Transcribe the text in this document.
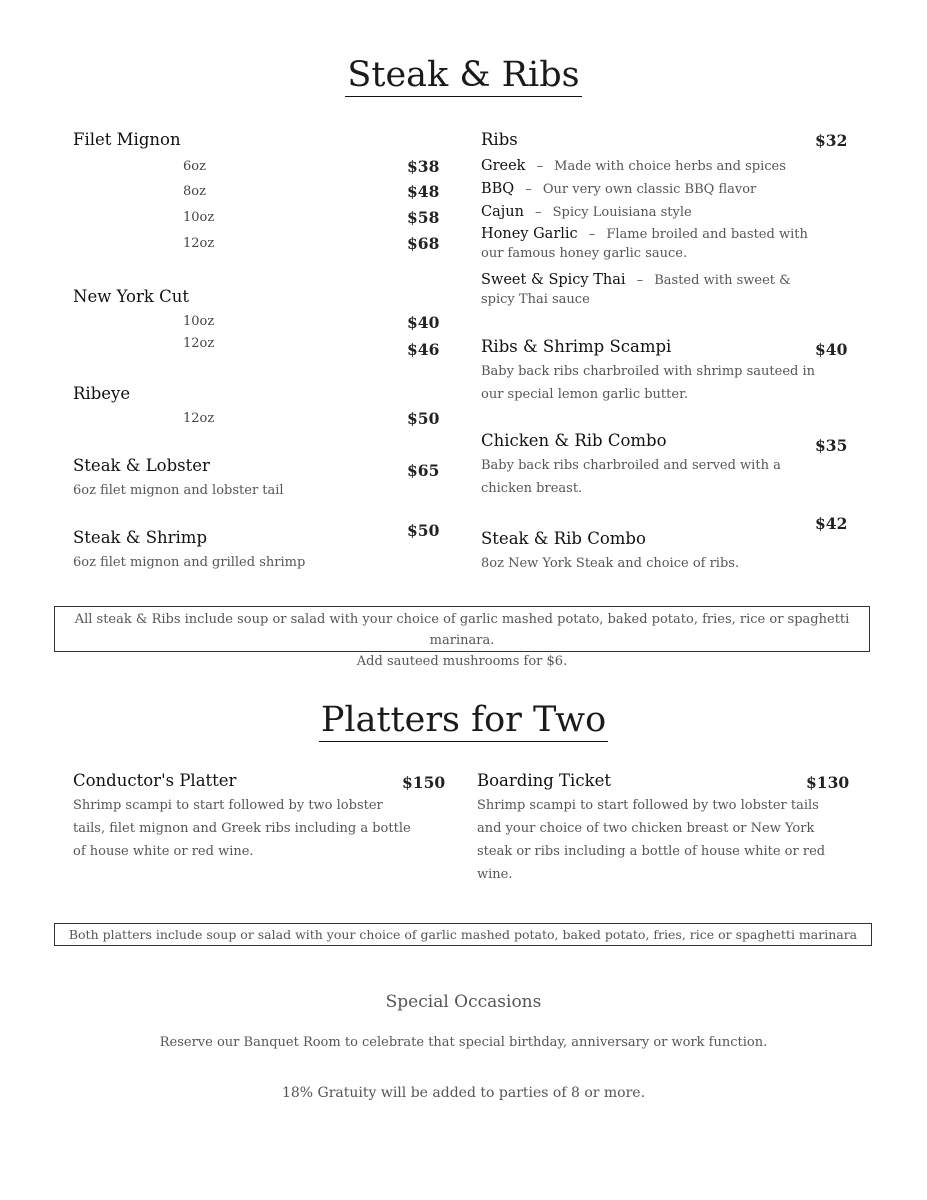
Steak & Ribs
Filet Mignon
6oz	$38
8oz	$48
10oz	$58
12oz	$68
New York Cut
10oz	$40
12oz	$46
Ribeye
12oz	$50
Steak & Lobster	$65
6oz filet mignon and lobster tail
Steak & Shrimp	$50
6oz filet mignon and grilled shrimp
Ribs	$32
Greek – Made with choice herbs and spices
BBQ – Our very own classic BBQ flavor
Cajun – Spicy Louisiana style
Honey Garlic – Flame broiled and basted with
our famous honey garlic sauce.
Sweet & Spicy Thai – Basted with sweet &
spicy Thai sauce
Ribs & Shrimp Scampi	$40
Baby back ribs charbroiled with shrimp sauteed in
our special lemon garlic butter.
Chicken & Rib Combo	$35
Baby back ribs charbroiled and served with a
chicken breast.
Steak & Rib Combo
$42
8oz New York Steak and choice of ribs.
All steak & Ribs include soup or salad with your choice of garlic mashed potato, baked potato, fries, rice or spaghetti marinara.
Add sauteed mushrooms for $6.
Platters for Two
Conductor's Platter	$150
Shrimp scampi to start followed by two lobster
tails, filet mignon and Greek ribs including a bottle
of house white or red wine.
Boarding Ticket	$130
Shrimp scampi to start followed by two lobster tails
and your choice of two chicken breast or New York
steak or ribs including a bottle of house white or red
wine.
Both platters include soup or salad with your choice of garlic mashed potato, baked potato, fries, rice or spaghetti marinara
Special Occasions
Reserve our Banquet Room to celebrate that special birthday, anniversary or work function.
18% Gratuity will be added to parties of 8 or more.
